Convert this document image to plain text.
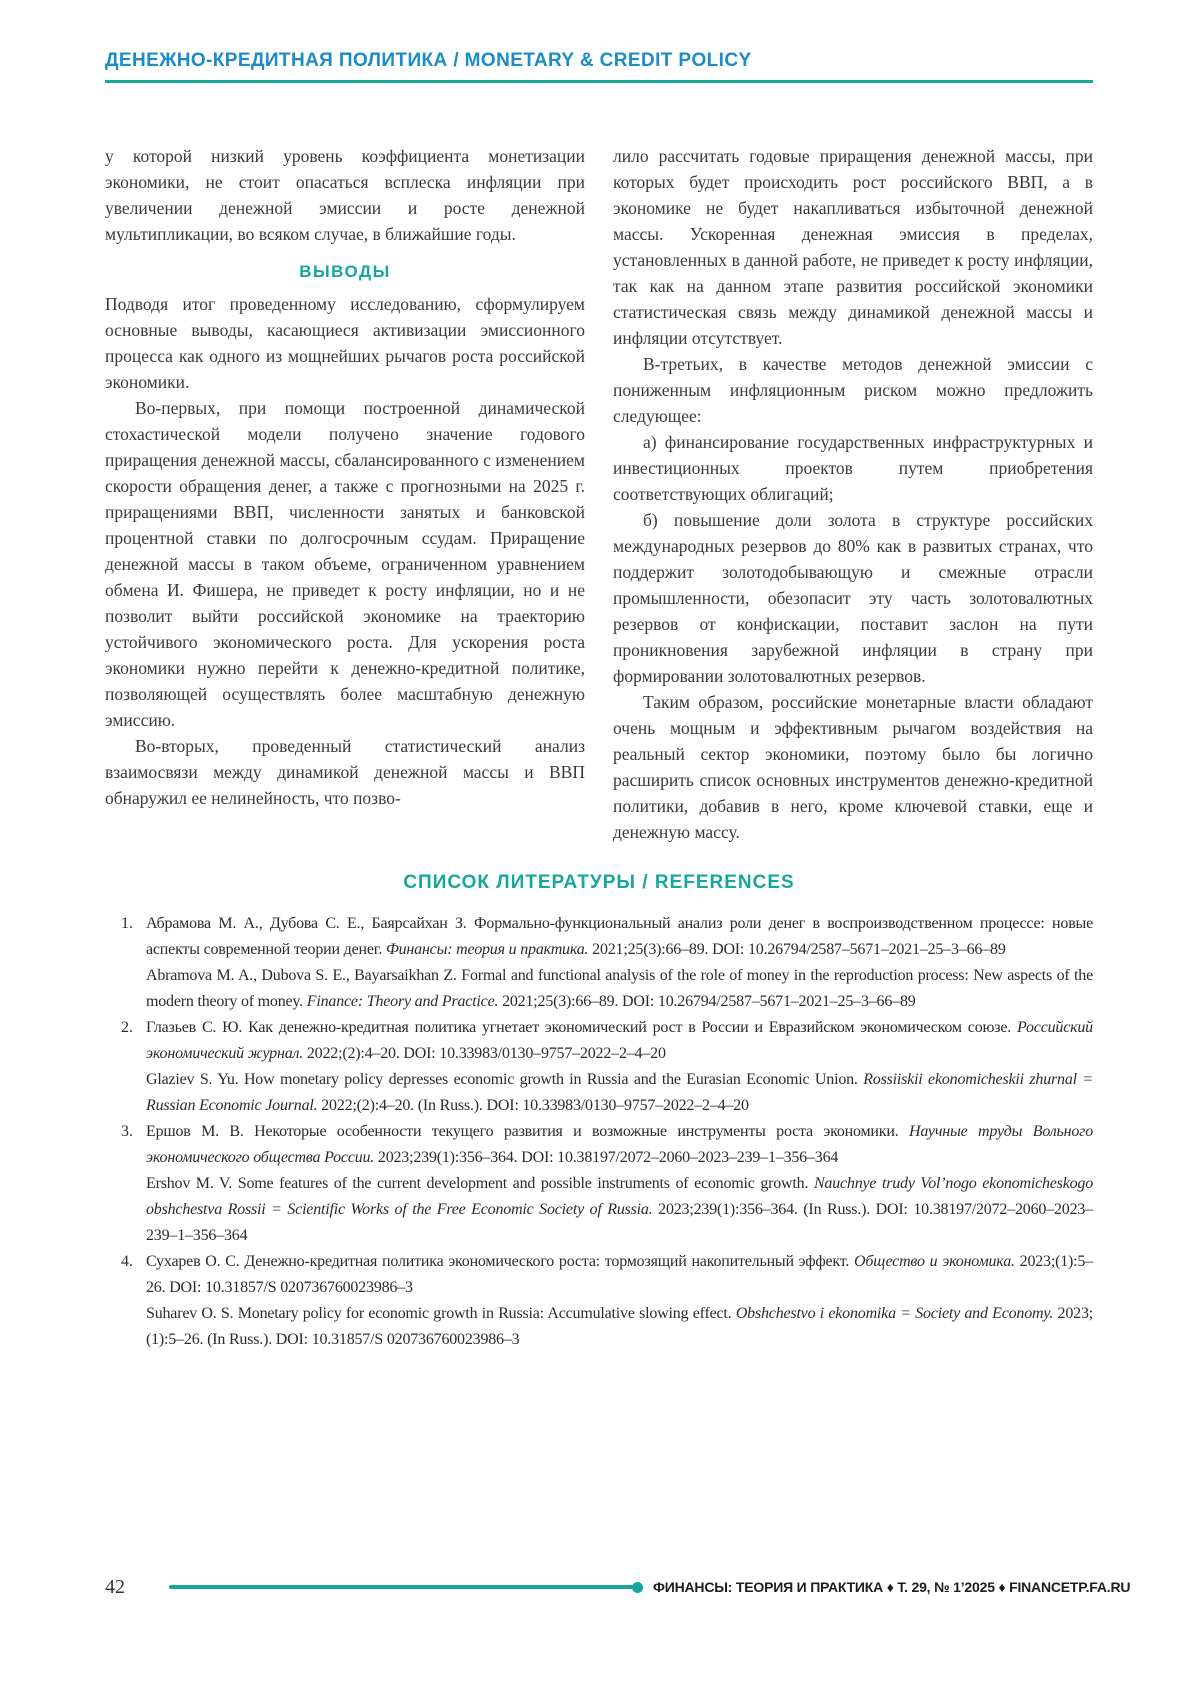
ДЕНЕЖНО-КРЕДИТНАЯ ПОЛИТИКА / MONETARY & CREDIT POLICY

у которой низкий уровень коэффициента монетизации экономики, не стоит опасаться всплеска инфляции при увеличении денежной эмиссии и росте денежной мультипликации, во всяком случае, в ближайшие годы.

ВЫВОДЫ

Подводя итог проведенному исследованию, сформулируем основные выводы, касающиеся активизации эмиссионного процесса как одного из мощнейших рычагов роста российской экономики.

Во-первых, при помощи построенной динамической стохастической модели получено значение годового приращения денежной массы, сбалансированного с изменением скорости обращения денег, а также с прогнозными на 2025 г. приращениями ВВП, численности занятых и банковской процентной ставки по долгосрочным ссудам. Приращение денежной массы в таком объеме, ограниченном уравнением обмена И. Фишера, не приведет к росту инфляции, но и не позволит выйти российской экономике на траекторию устойчивого экономического роста. Для ускорения роста экономики нужно перейти к денежно-кредитной политике, позволяющей осуществлять более масштабную денежную эмиссию.

Во-вторых, проведенный статистический анализ взаимосвязи между динамикой денежной массы и ВВП обнаружил ее нелинейность, что позво-

лило рассчитать годовые приращения денежной массы, при которых будет происходить рост российского ВВП, а в экономике не будет накапливаться избыточной денежной массы. Ускоренная денежная эмиссия в пределах, установленных в данной работе, не приведет к росту инфляции, так как на данном этапе развития российской экономики статистическая связь между динамикой денежной массы и инфляции отсутствует.

В-третьих, в качестве методов денежной эмиссии с пониженным инфляционным риском можно предложить следующее:

а) финансирование государственных инфраструктурных и инвестиционных проектов путем приобретения соответствующих облигаций;

б) повышение доли золота в структуре российских международных резервов до 80% как в развитых странах, что поддержит золотодобывающую и смежные отрасли промышленности, обезопасит эту часть золотовалютных резервов от конфискации, поставит заслон на пути проникновения зарубежной инфляции в страну при формировании золотовалютных резервов.

Таким образом, российские монетарные власти обладают очень мощным и эффективным рычагом воздействия на реальный сектор экономики, поэтому было бы логично расширить список основных инструментов денежно-кредитной политики, добавив в него, кроме ключевой ставки, еще и денежную массу.

СПИСОК ЛИТЕРАТУРЫ / REFERENCES
1. Абрамова М. А., Дубова С. Е., Баярсайхан З. Формально-функциональный анализ роли денег в воспроизводственном процессе: новые аспекты современной теории денег. Финансы: теория и практика. 2021;25(3):66–89. DOI: 10.26794/2587–5671–2021–25–3–66–89

Abramova M. A., Dubova S. E., Bayarsaikhan Z. Formal and functional analysis of the role of money in the reproduction process: New aspects of the modern theory of money. Finance: Theory and Practice. 2021;25(3):66–89. DOI: 10.26794/2587–5671–2021–25–3–66–89

2. Глазьев С. Ю. Как денежно-кредитная политика угнетает экономический рост в России и Евразийском экономическом союзе. Российский экономический журнал. 2022;(2):4–20. DOI: 10.33983/0130–9757–2022–2–4–20

Glaziev S. Yu. How monetary policy depresses economic growth in Russia and the Eurasian Economic Union. Rossiiskii ekonomicheskii zhurnal = Russian Economic Journal. 2022;(2):4–20. (In Russ.). DOI: 10.33983/0130–9757–2022–2–4–20

3. Ершов М. В. Некоторые особенности текущего развития и возможные инструменты роста экономики. Научные труды Вольного экономического общества России. 2023;239(1):356–364. DOI: 10.38197/2072–2060–2023–239–1–356–364

Ershov M. V. Some features of the current development and possible instruments of economic growth. Nauchnye trudy Vol’nogo ekonomicheskogo obshchestva Rossii = Scientific Works of the Free Economic Society of Russia. 2023;239(1):356–364. (In Russ.). DOI: 10.38197/2072–2060–2023–239–1–356–364

4. Сухарев О. С. Денежно-кредитная политика экономического роста: тормозящий накопительный эффект. Общество и экономика. 2023;(1):5–26. DOI: 10.31857/S 020736760023986–3

Suharev O. S. Monetary policy for economic growth in Russia: Accumulative slowing effect. Obshchestvo i ekonomika = Society and Economy. 2023;(1):5–26. (In Russ.). DOI: 10.31857/S 020736760023986–3

42	ФИНАНСЫ: ТЕОРИЯ И ПРАКТИКА ♦ Т. 29, № 1’2025 ♦ FINANCETP.FA.RU
